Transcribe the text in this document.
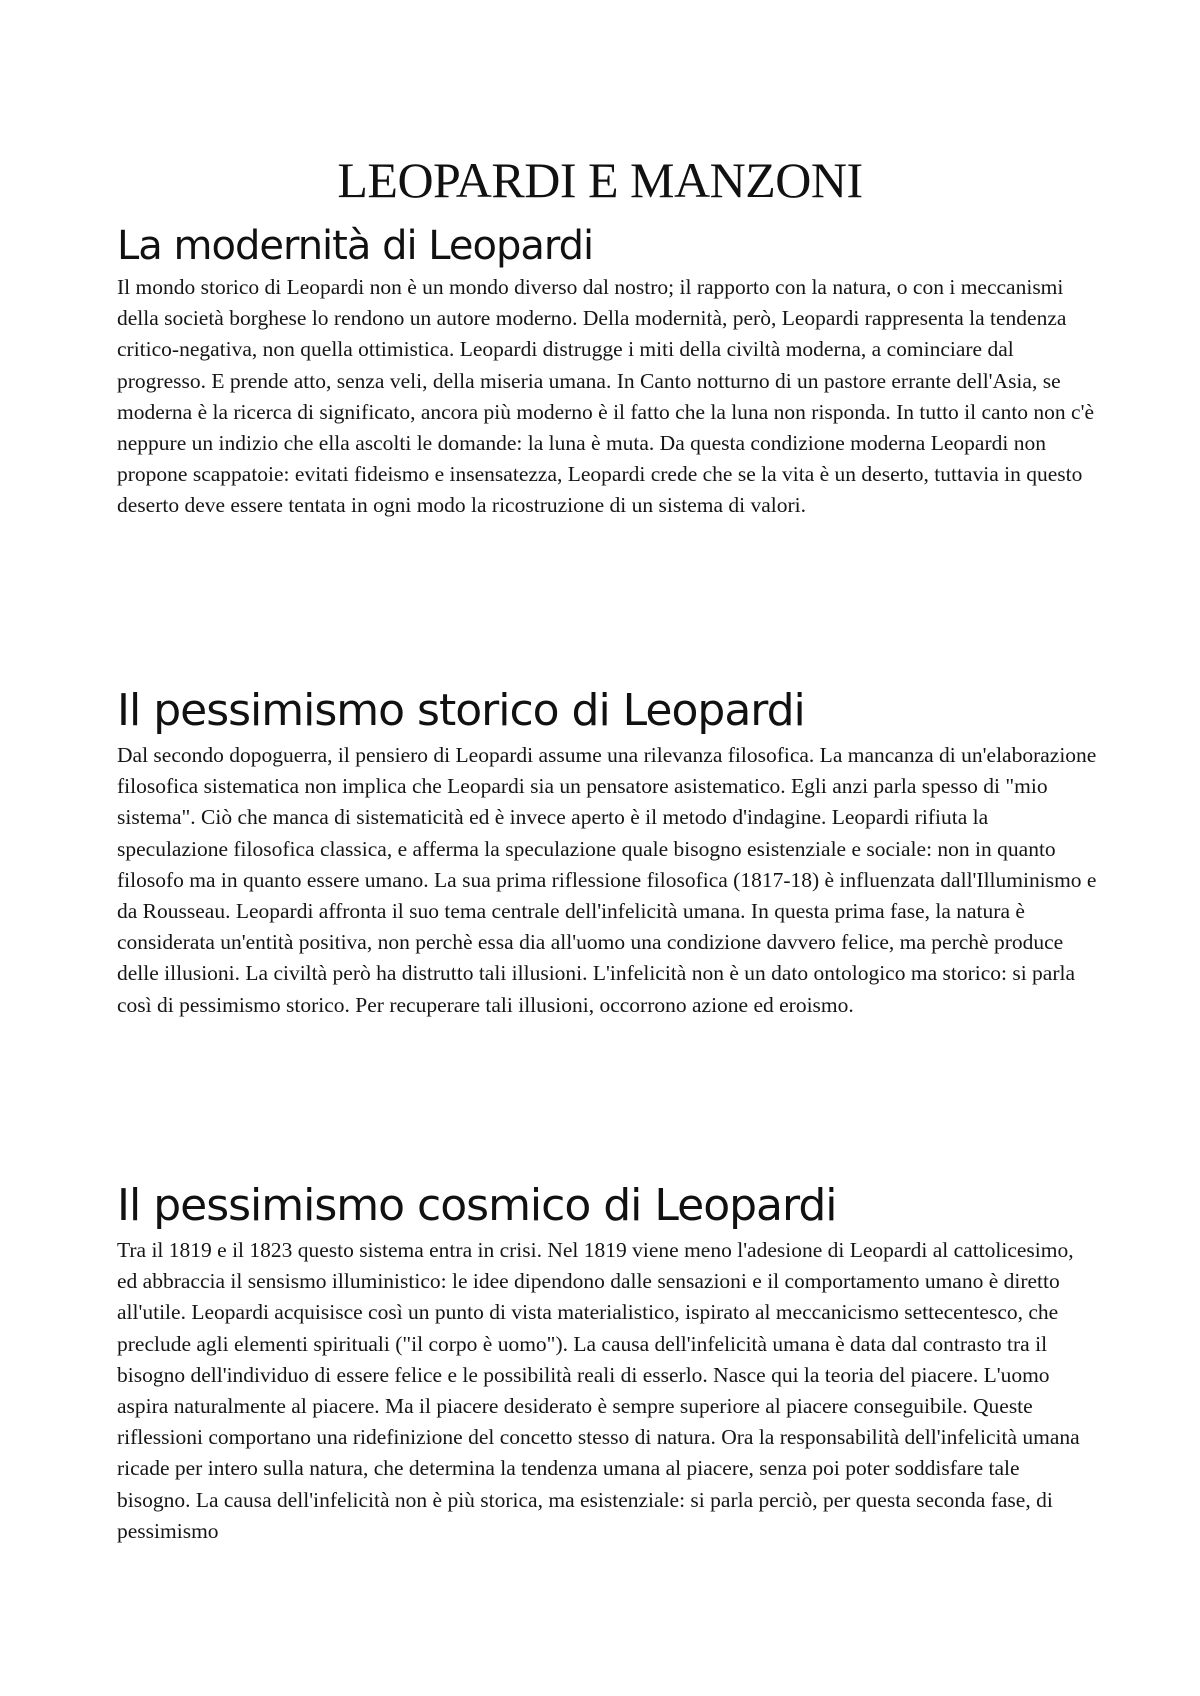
LEOPARDI E MANZONI
La modernità di Leopardi

Il mondo storico di Leopardi non è un mondo diverso dal nostro; il rapporto con la natura, o con i meccanismi della società borghese lo rendono un autore moderno. Della modernità, però, Leopardi rappresenta la tendenza critico-negativa, non quella ottimistica. Leopardi distrugge i miti della civiltà moderna, a cominciare dal progresso. E prende atto, senza veli, della miseria umana. In Canto notturno di un pastore errante dell'Asia, se moderna è la ricerca di significato, ancora più moderno è il fatto che la luna non risponda. In tutto il canto non c'è neppure un indizio che ella ascolti le domande: la luna è muta. Da questa condizione moderna Leopardi non propone scappatoie: evitati fideismo e insensatezza, Leopardi crede che se la vita è un deserto, tuttavia in questo deserto deve essere tentata in ogni modo la ricostruzione di un sistema di valori.

Il pessimismo storico di Leopardi

Dal secondo dopoguerra, il pensiero di Leopardi assume una rilevanza filosofica. La mancanza di un'elaborazione filosofica sistematica non implica che Leopardi sia un pensatore asistematico. Egli anzi parla spesso di "mio sistema". Ciò che manca di sistematicità ed è invece aperto è il metodo d'indagine. Leopardi rifiuta la speculazione filosofica classica, e afferma la speculazione quale bisogno esistenziale e sociale: non in quanto filosofo ma in quanto essere umano. La sua prima riflessione filosofica (1817-18) è influenzata dall'Illuminismo e da Rousseau. Leopardi affronta il suo tema centrale dell'infelicità umana. In questa prima fase, la natura è considerata un'entità positiva, non perchè essa dia all'uomo una condizione davvero felice, ma perchè produce delle illusioni. La civiltà però ha distrutto tali illusioni. L'infelicità non è un dato ontologico ma storico: si parla così di pessimismo storico. Per recuperare tali illusioni, occorrono azione ed eroismo.

Il pessimismo cosmico di Leopardi

Tra il 1819 e il 1823 questo sistema entra in crisi. Nel 1819 viene meno l'adesione di Leopardi al cattolicesimo, ed abbraccia il sensismo illuministico: le idee dipendono dalle sensazioni e il comportamento umano è diretto all'utile. Leopardi acquisisce così un punto di vista materialistico, ispirato al meccanicismo settecentesco, che preclude agli elementi spirituali ("il corpo è uomo"). La causa dell'infelicità umana è data dal contrasto tra il bisogno dell'individuo di essere felice e le possibilità reali di esserlo. Nasce qui la teoria del piacere. L'uomo aspira naturalmente al piacere. Ma il piacere desiderato è sempre superiore al piacere conseguibile. Queste riflessioni comportano una ridefinizione del concetto stesso di natura. Ora la responsabilità dell'infelicità umana ricade per intero sulla natura, che determina la tendenza umana al piacere, senza poi poter soddisfare tale bisogno. La causa dell'infelicità non è più storica, ma esistenziale: si parla perciò, per questa seconda fase, di pessimismo
